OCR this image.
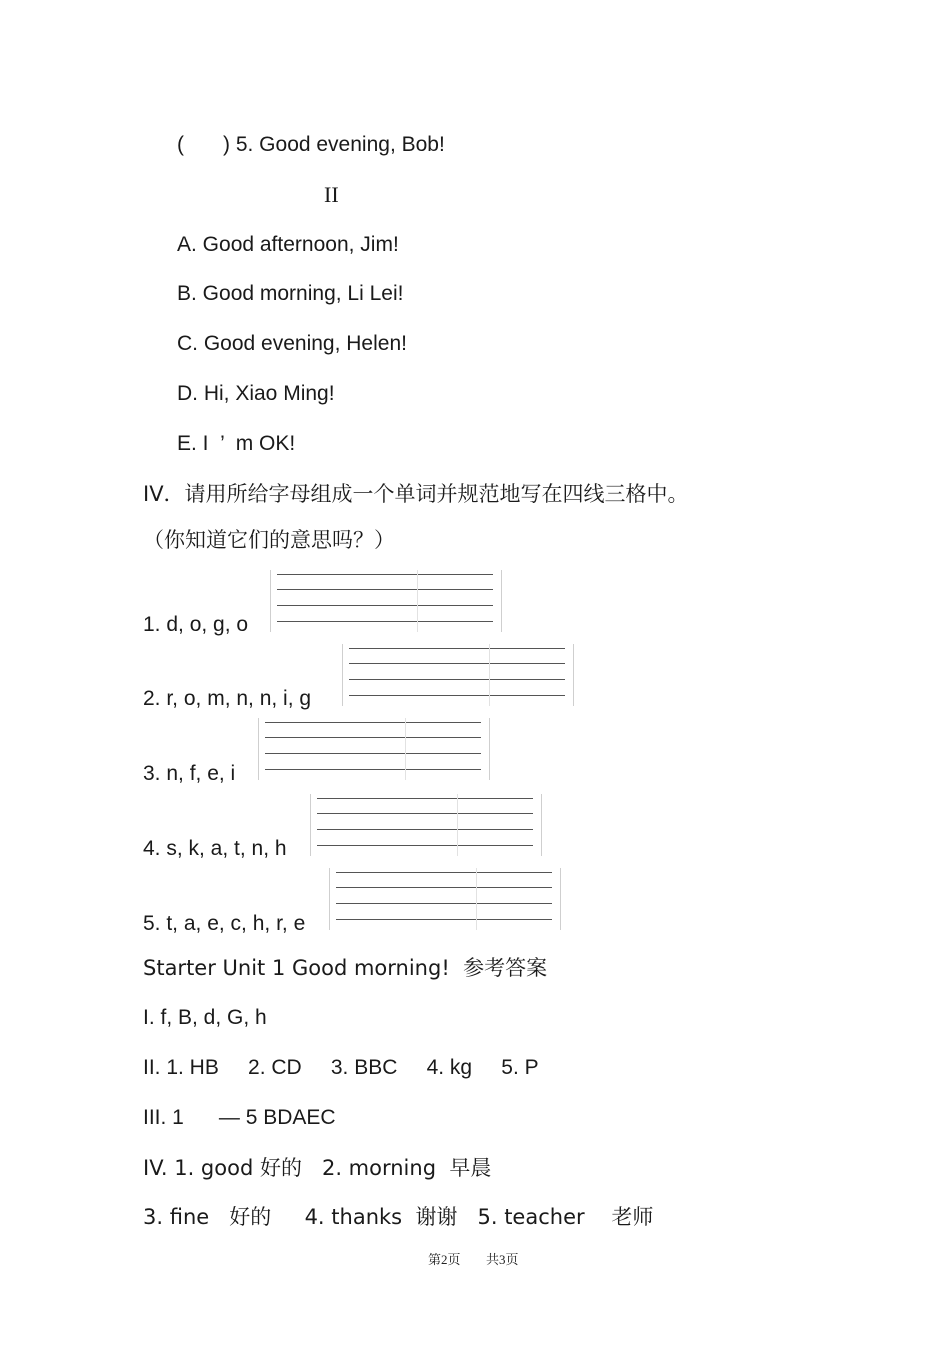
( ) 5. Good evening, Bob!
II
A. Good afternoon, Jim!
B. Good morning, Li Lei!
C. Good evening, Helen!
D. Hi, Xiao Ming!
E. I  ’  m OK!
IV．请用所给字母组成一个单词并规范地写在四线三格中。
（你知道它们的意思吗？）
1. d, o, g, o
2. r, o, m, n, n, i, g
3. n, f, e, i
4. s, k, a, t, n, h
5. t, a, e, c, h, r, e
Starter Unit 1 Good morning!  参考答案
I. f, B, d, G, h
II. 1. HB     2. CD     3. BBC     4. kg     5. P
III. 1      — 5 BDAEC
IV. 1. good 好的   2. morning  早晨
3. fine   好的     4. thanks  谢谢   5. teacher    老师
第2页 共3页
